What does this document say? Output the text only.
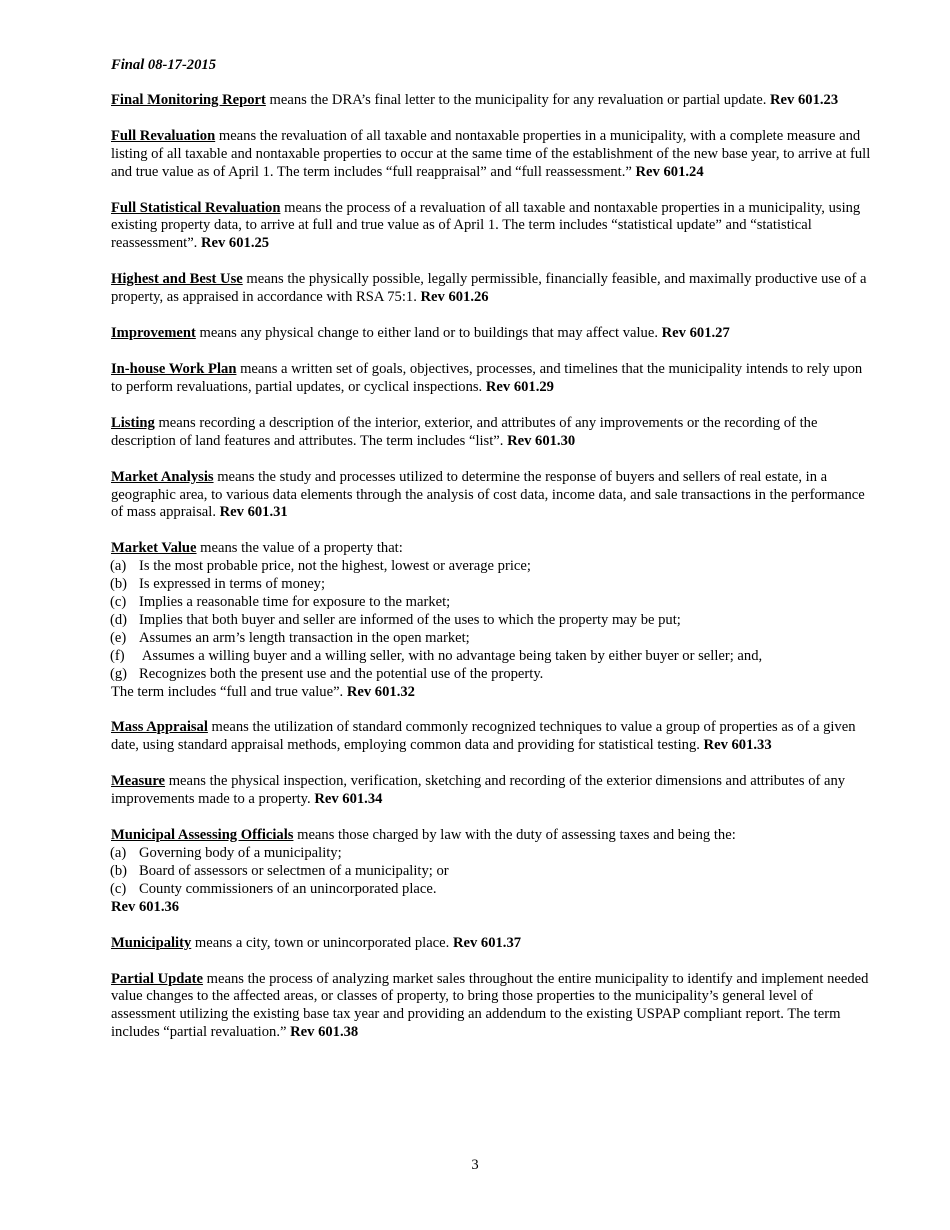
Final 08-17-2015

Final Monitoring Report means the DRA’s final letter to the municipality for any revaluation or partial update. Rev 601.23

Full Revaluation means the revaluation of all taxable and nontaxable properties in a municipality, with a complete measure and listing of all taxable and nontaxable properties to occur at the same time of the establishment of the new base year, to arrive at full and true value as of April 1. The term includes “full reappraisal” and “full reassessment.” Rev 601.24

Full Statistical Revaluation means the process of a revaluation of all taxable and nontaxable properties in a municipality, using existing property data, to arrive at full and true value as of April 1. The term includes “statistical update” and “statistical reassessment”. Rev 601.25

Highest and Best Use means the physically possible, legally permissible, financially feasible, and maximally productive use of a property, as appraised in accordance with RSA 75:1. Rev 601.26

Improvement means any physical change to either land or to buildings that may affect value. Rev 601.27

In-house Work Plan means a written set of goals, objectives, processes, and timelines that the municipality intends to rely upon to perform revaluations, partial updates, or cyclical inspections. Rev 601.29

Listing means recording a description of the interior, exterior, and attributes of any improvements or the recording of the description of land features and attributes. The term includes “list”. Rev 601.30

Market Analysis means the study and processes utilized to determine the response of buyers and sellers of real estate, in a geographic area, to various data elements through the analysis of cost data, income data, and sale transactions in the performance of mass appraisal. Rev 601.31

Market Value means the value of a property that:

(a) Is the most probable price, not the highest, lowest or average price;

(b) Is expressed in terms of money;

(c) Implies a reasonable time for exposure to the market;

(d) Implies that both buyer and seller are informed of the uses to which the property may be put;

(e) Assumes an arm’s length transaction in the open market;

(f) Assumes a willing buyer and a willing seller, with no advantage being taken by either buyer or seller; and,

(g) Recognizes both the present use and the potential use of the property.

The term includes “full and true value”. Rev 601.32

Mass Appraisal means the utilization of standard commonly recognized techniques to value a group of properties as of a given date, using standard appraisal methods, employing common data and providing for statistical testing. Rev 601.33

Measure means the physical inspection, verification, sketching and recording of the exterior dimensions and attributes of any improvements made to a property. Rev 601.34

Municipal Assessing Officials means those charged by law with the duty of assessing taxes and being the:

(a) Governing body of a municipality;

(b) Board of assessors or selectmen of a municipality; or

(c) County commissioners of an unincorporated place.

Rev 601.36

Municipality means a city, town or unincorporated place. Rev 601.37

Partial Update means the process of analyzing market sales throughout the entire municipality to identify and implement needed value changes to the affected areas, or classes of property, to bring those properties to the municipality’s general level of assessment utilizing the existing base tax year and providing an addendum to the existing USPAP compliant report. The term includes “partial revaluation.” Rev 601.38

3
